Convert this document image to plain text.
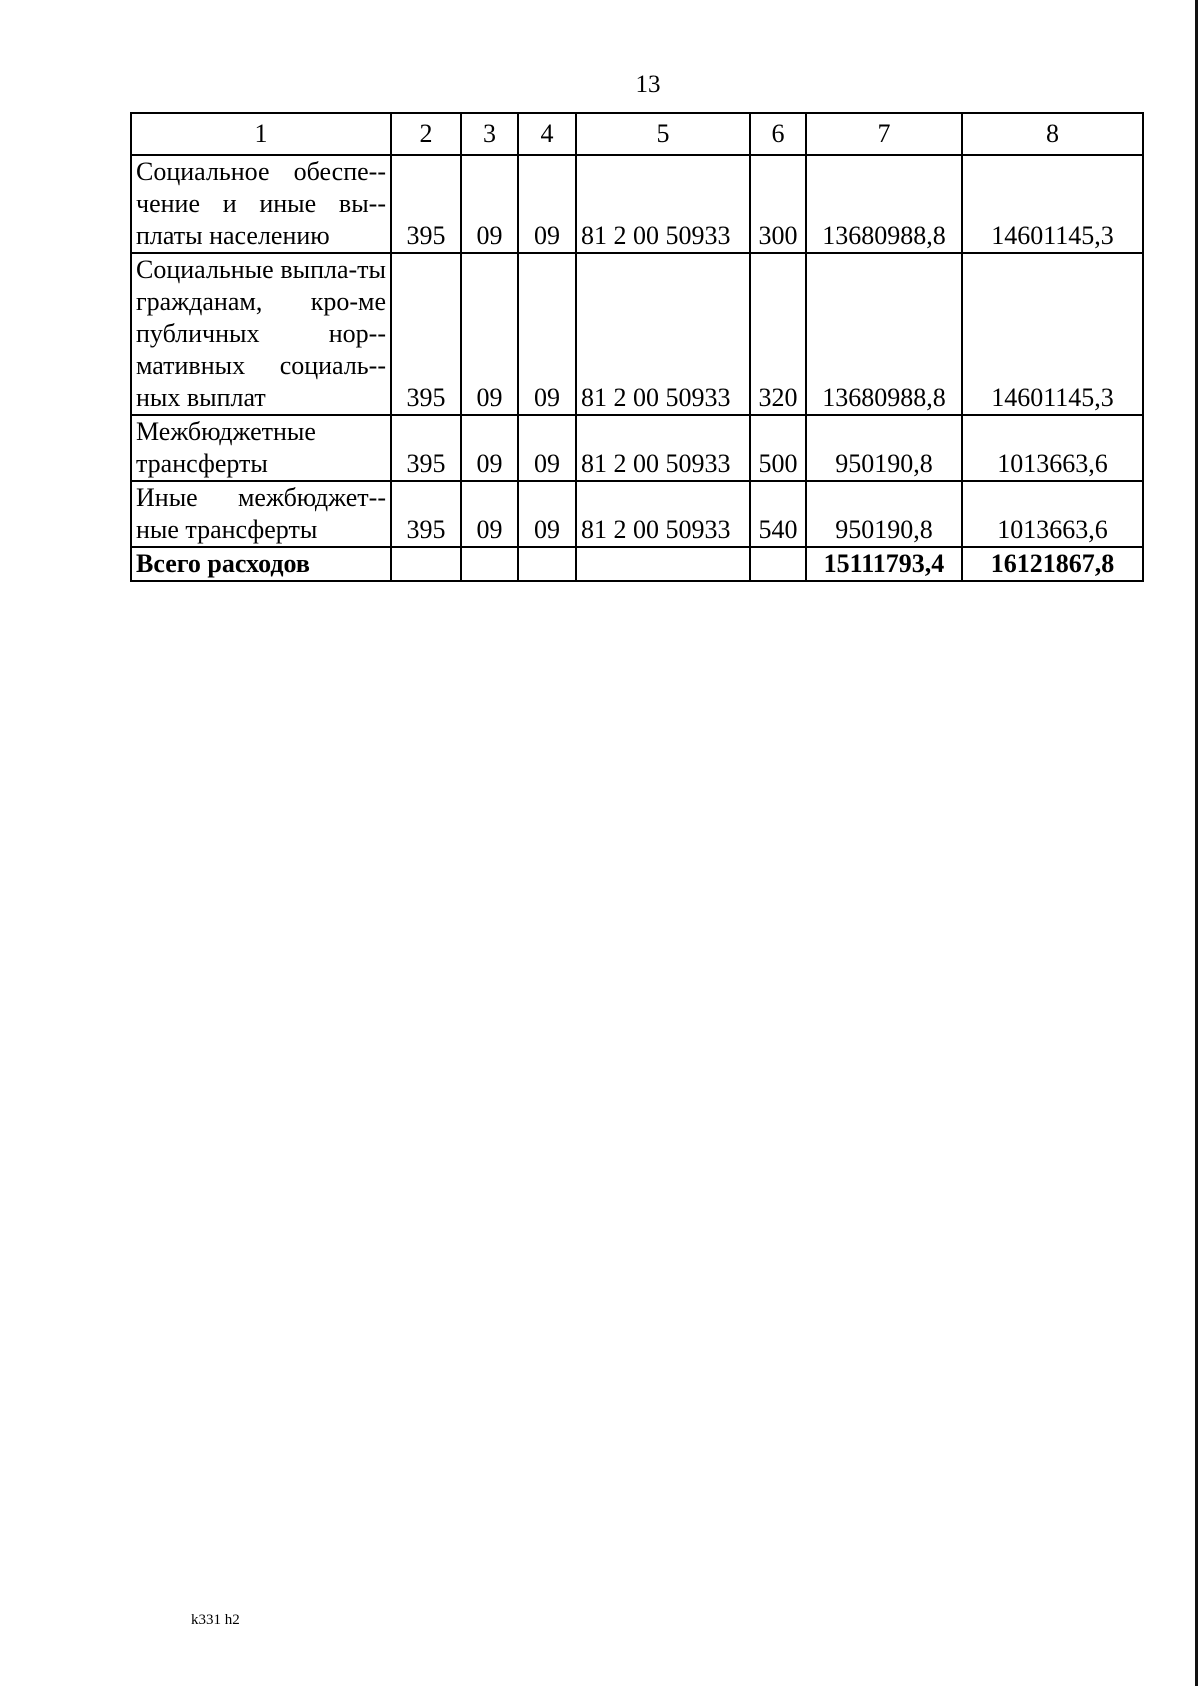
13
1	2	3	4	5	6	7	8
Социальное обеспе-чение и иные вы-платы населению	395	09	09	81 2 00 50933	300	13680988,8	14601145,3
Социальные выпла-ты гражданам, кро-ме публичных нор-мативных социаль-ных выплат	395	09	09	81 2 00 50933	320	13680988,8	14601145,3
Межбюджетные трансферты	395	09	09	81 2 00 50933	500	950190,8	1013663,6
Иные межбюджет-ные трансферты	395	09	09	81 2 00 50933	540	950190,8	1013663,6
Всего расходов						15111793,4	16121867,8
k331 h2
